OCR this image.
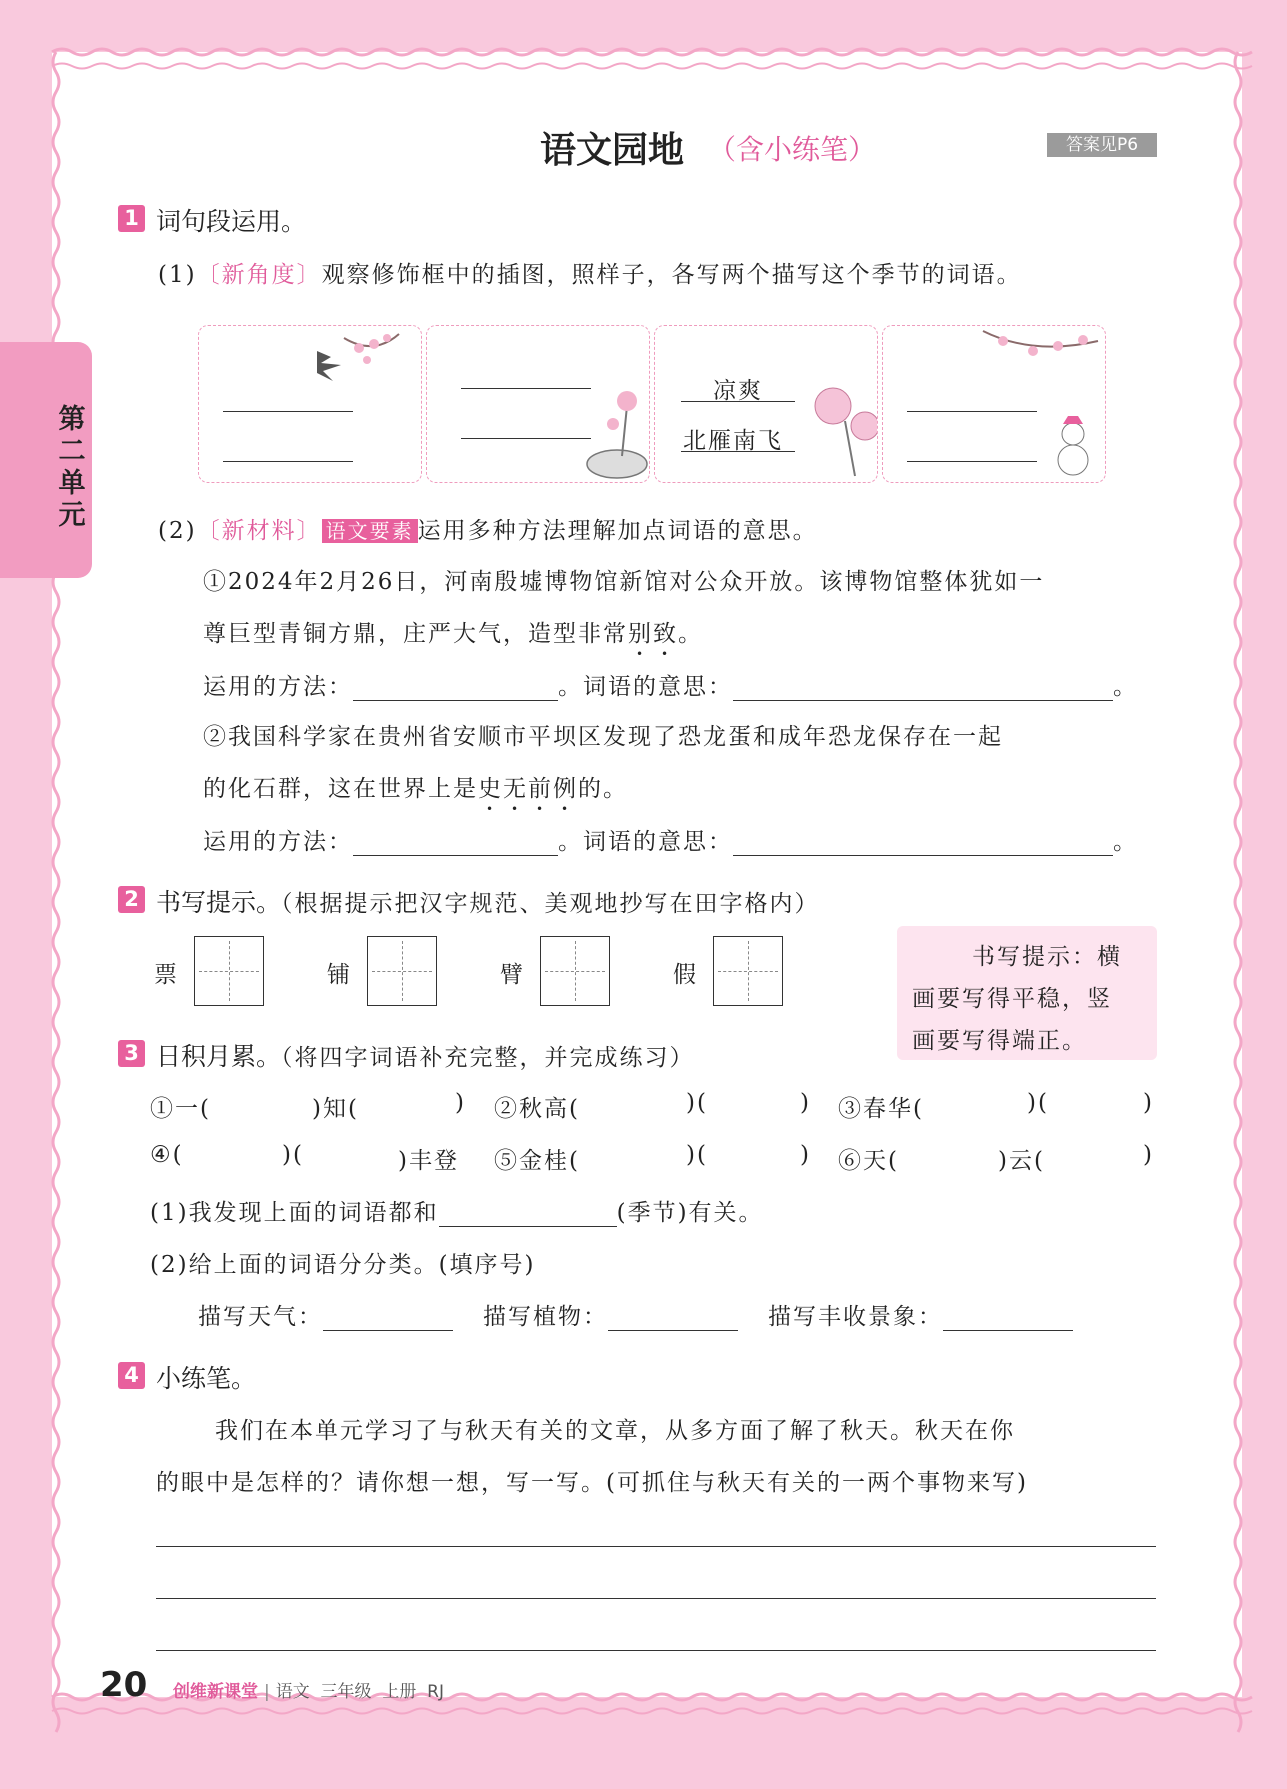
第二单元
语文园地 （含小练笔）	答案见P6
1 词句段运用。
(1)〔新角度〕观察修饰框中的插图，照样子，各写两个描写这个季节的词语。
凉爽
北雁南飞
(2)〔新材料〕 语文要素 运用多种方法理解加点词语的意思。
①2024年2月26日，河南殷墟博物馆新馆对公众开放。该博物馆整体犹如一
尊巨型青铜方鼎，庄严大气，造型非常别致。
运用的方法：	。词语的意思：	。
②我国科学家在贵州省安顺市平坝区发现了恐龙蛋和成年恐龙保存在一起
的化石群，这在世界上是史无前例的。
运用的方法：	。词语的意思：	。
2 书写提示。（根据提示把汉字规范、美观地抄写在田字格内）
票	铺	臂	假
书写提示：横
画要写得平稳，竖
画要写得端正。
3 日积月累。（将四字词语补充完整，并完成练习）
①一(	)知(	) ②秋高(	)(	) ③春华(	)(	)
④(	)(	)丰登 ⑤金桂(	)(	) ⑥天(	)云(	)
(1)我发现上面的词语都和	(季节)有关。
(2)给上面的词语分分类。(填序号)
描写天气：	描写植物：	描写丰收景象：
4 小练笔。
我们在本单元学习了与秋天有关的文章，从多方面了解了秋天。秋天在你
的眼中是怎样的？请你想一想，写一写。(可抓住与秋天有关的一两个事物来写)
20 创维新课堂 | 语文  三年级  上册  RJ
